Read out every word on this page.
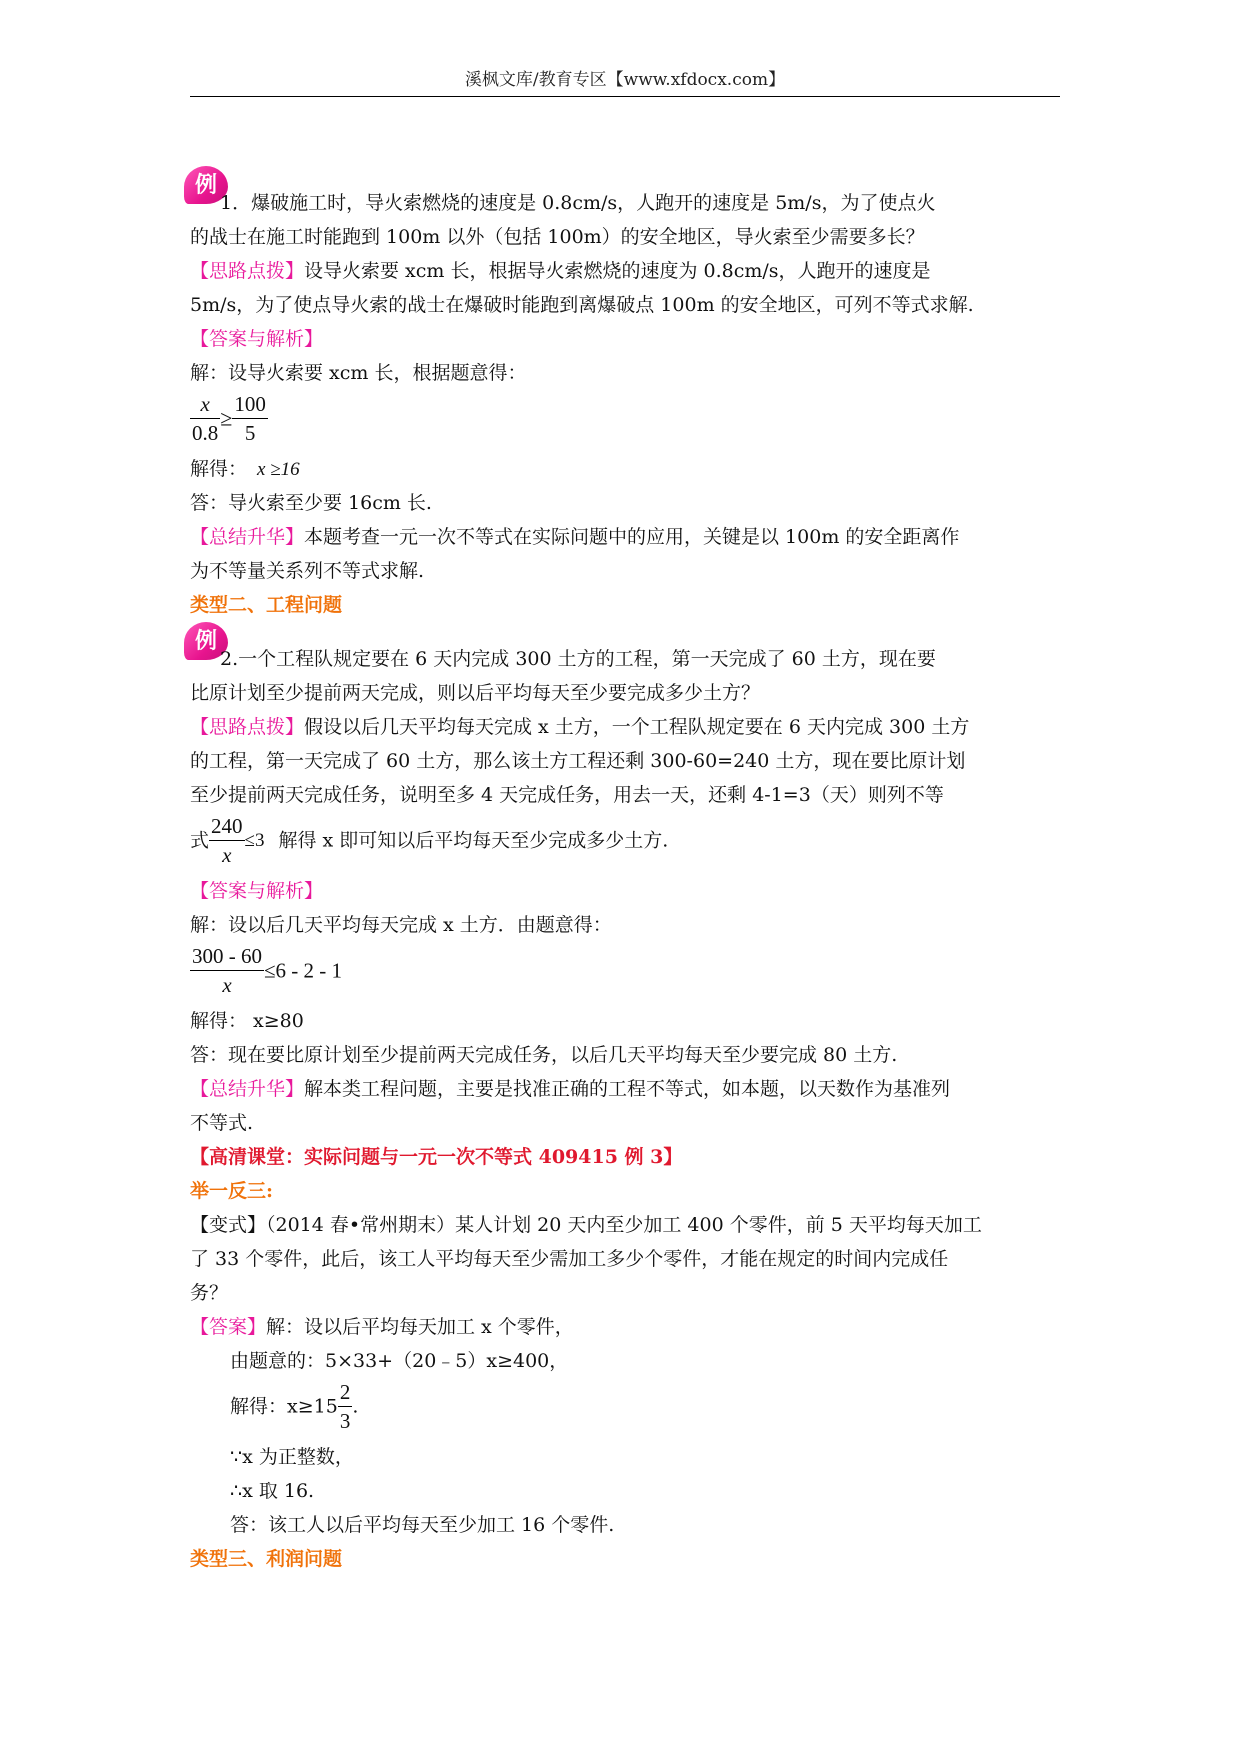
溪枫文库/教育专区【www.xfdocx.com】
例
1．爆破施工时，导火索燃烧的速度是 0.8cm/s，人跑开的速度是 5m/s，为了使点火
的战士在施工时能跑到 100m 以外（包括 100m）的安全地区，导火索至少需要多长？
【思路点拨】设导火索要 xcm 长，根据导火索燃烧的速度为 0.8cm/s，人跑开的速度是
5m/s，为了使点导火索的战士在爆破时能跑到离爆破点 100m 的安全地区，可列不等式求解.
【答案与解析】
解：设导火索要 xcm 长，根据题意得：
$\frac{x}{0.8} \ge \frac{100}{5}$
解得： x ≥16
答：导火索至少要 16cm 长.
【总结升华】本题考查一元一次不等式在实际问题中的应用，关键是以 100m 的安全距离作
为不等量关系列不等式求解.
类型二、工程问题
例
2.一个工程队规定要在 6 天内完成 300 土方的工程，第一天完成了 60 土方，现在要
比原计划至少提前两天完成，则以后平均每天至少要完成多少土方？
【思路点拨】假设以后几天平均每天完成 x 土方，一个工程队规定要在 6 天内完成 300 土方
的工程，第一天完成了 60 土方，那么该土方工程还剩 300-60=240 土方，现在要比原计划
至少提前两天完成任务，说明至多 4 天完成任务，用去一天，还剩 4-1=3（天）则列不等
式 $\frac{240}{x} \le 3$ 解得 x 即可知以后平均每天至少完成多少土方.
【答案与解析】
解：设以后几天平均每天完成 x 土方．由题意得：
$\frac{300 - 60}{x} \le 6 - 2 - 1$
解得： x≥80
答：现在要比原计划至少提前两天完成任务，以后几天平均每天至少要完成 80 土方.
【总结升华】解本类工程问题，主要是找准正确的工程不等式，如本题，以天数作为基准列
不等式.
【高清课堂：实际问题与一元一次不等式 409415 例 3】
举一反三:
【变式】（2014 春•常州期末）某人计划 20 天内至少加工 400 个零件，前 5 天平均每天加工
了 33 个零件，此后，该工人平均每天至少需加工多少个零件，才能在规定的时间内完成任
务？
【答案】解：设以后平均每天加工 x 个零件，
由题意的：5×33+（20﹣5）x≥400，
解得：$x\ge 15 \frac{2}{3}$ .
∵x 为正整数，
∴x 取 16.
答：该工人以后平均每天至少加工 16 个零件.
类型三、利润问题
